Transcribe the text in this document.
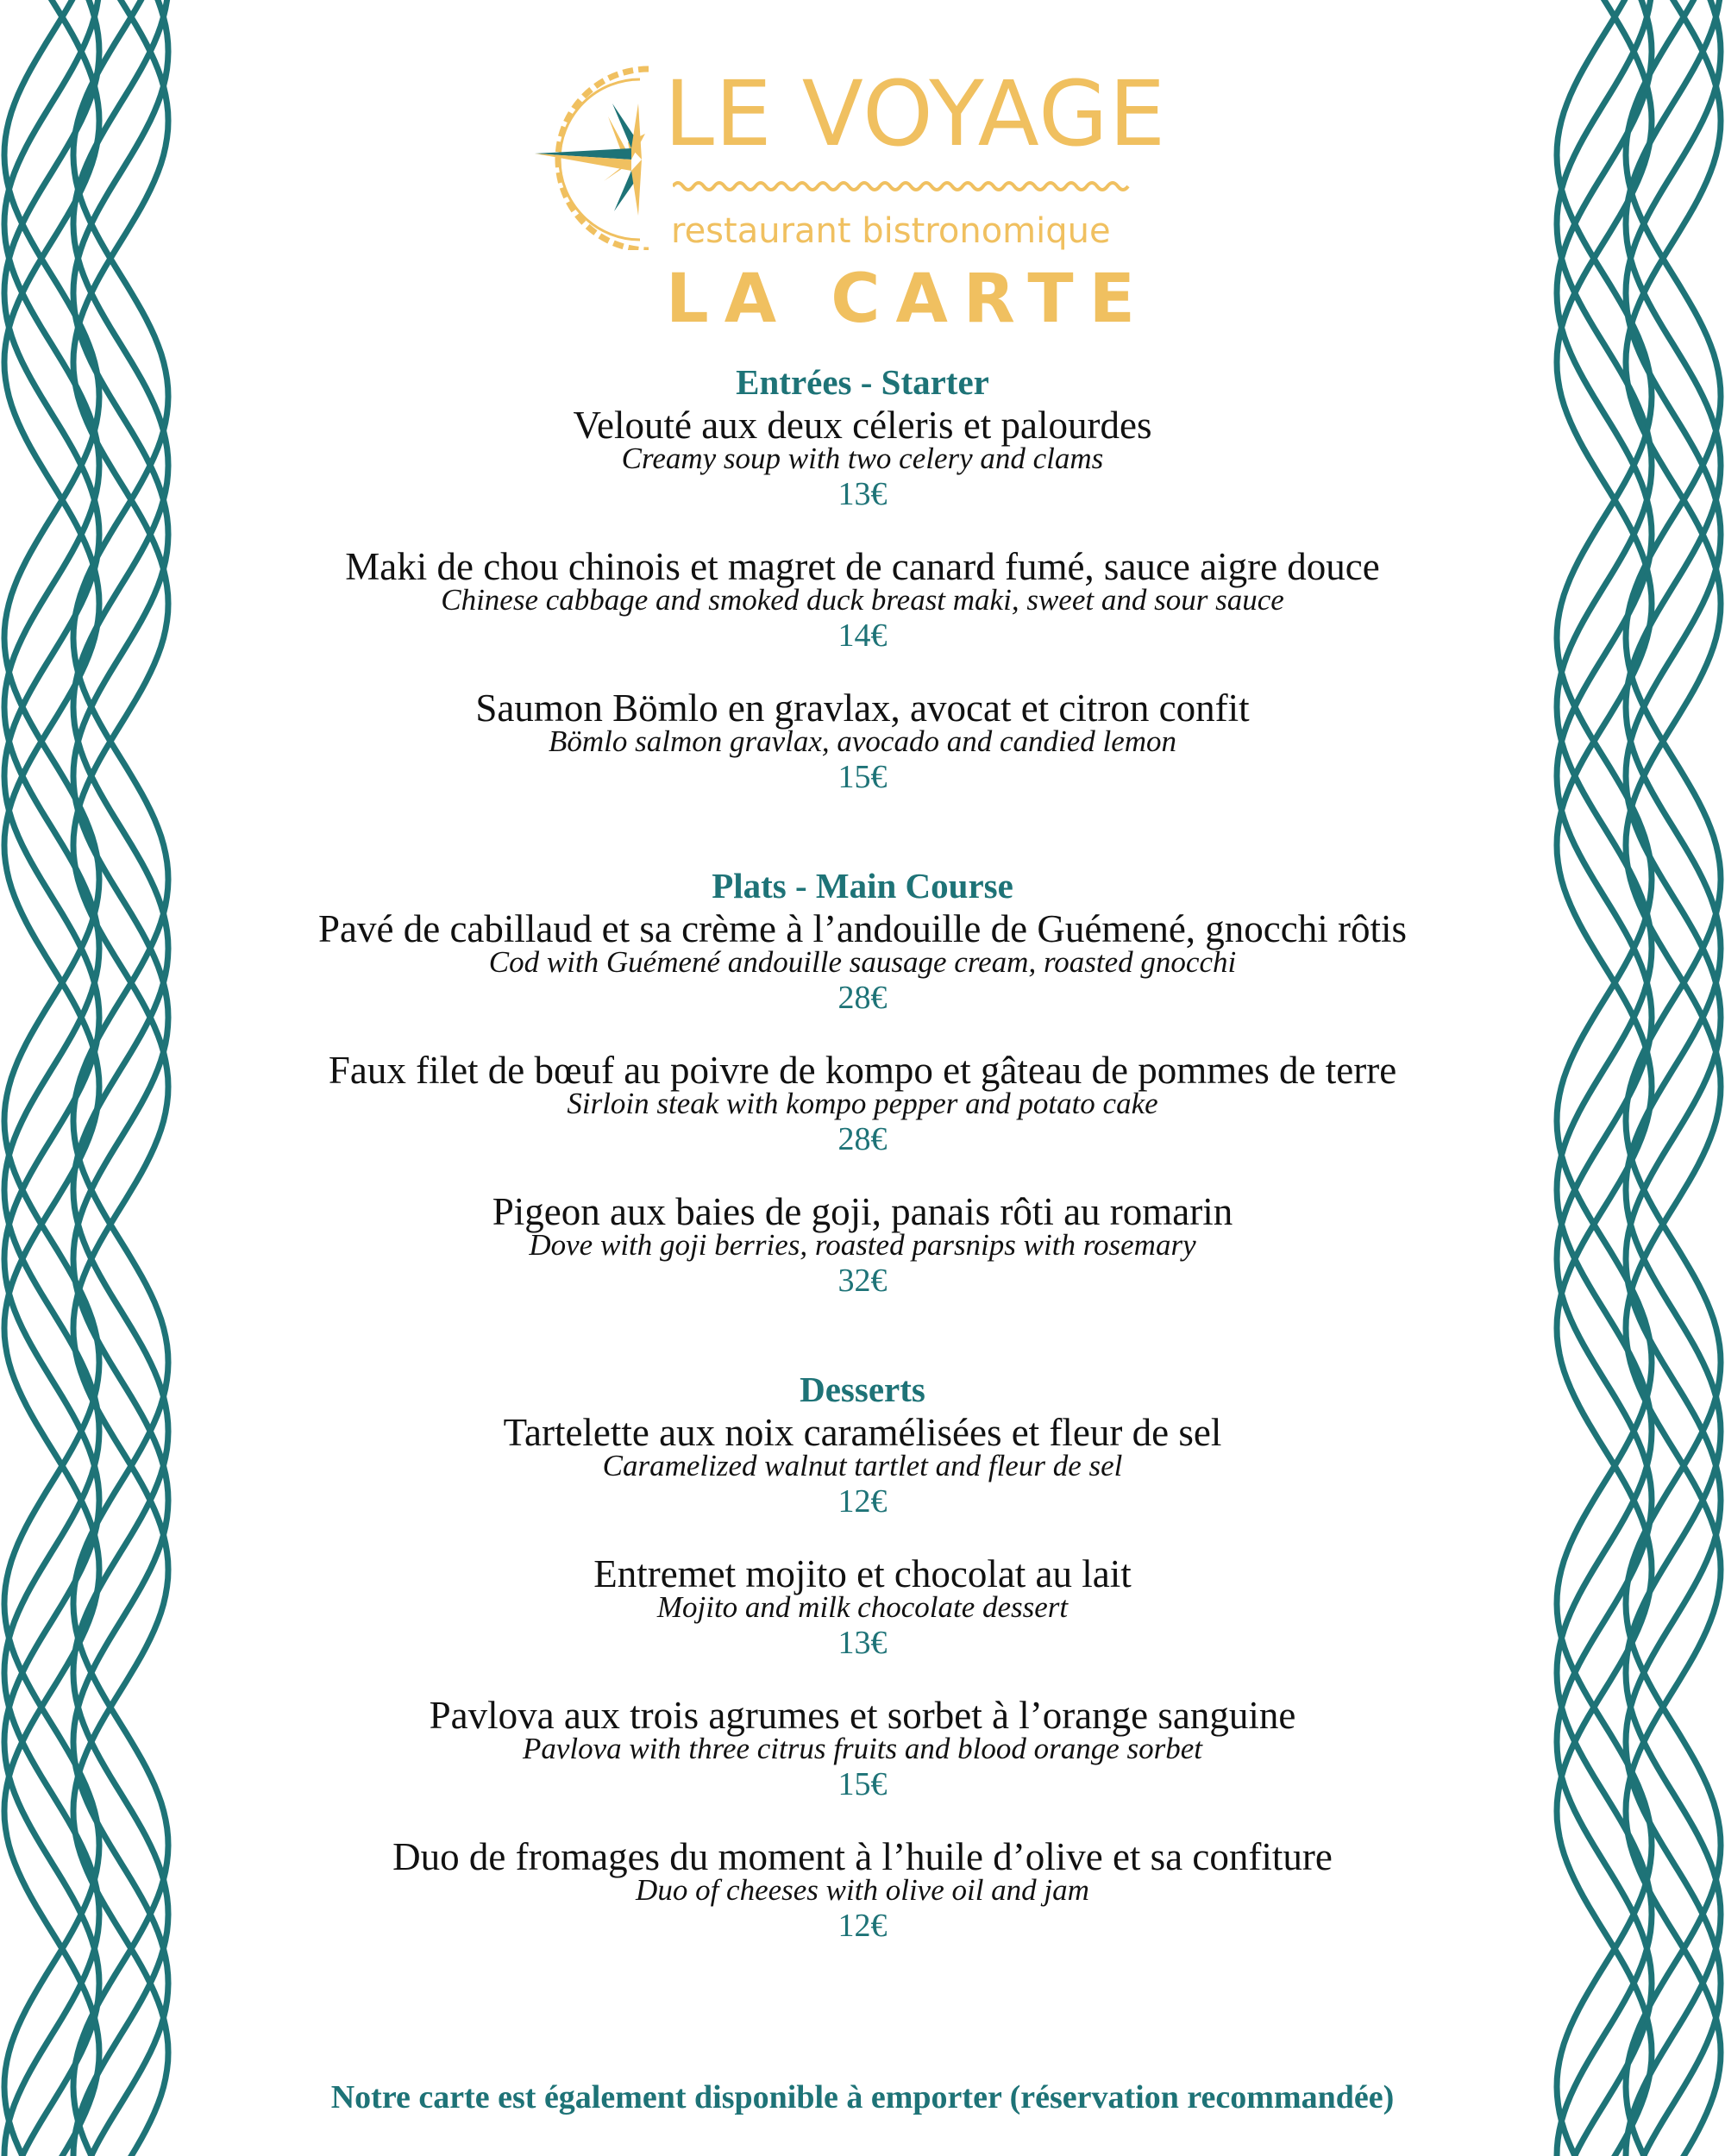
LE VOYAGE
restaurant bistronomique
LA CARTE
Entrées - Starter
Velouté aux deux céleris et palourdes
Creamy soup with two celery and clams
13€
Maki de chou chinois et magret de canard fumé, sauce aigre douce
Chinese cabbage and smoked duck breast maki, sweet and sour sauce
14€
Saumon Bömlo en gravlax, avocat et citron confit
Bömlo salmon gravlax, avocado and candied lemon
15€
Plats - Main Course
Pavé de cabillaud et sa crème à l’andouille de Guémené, gnocchi rôtis
Cod with Guémené andouille sausage cream, roasted gnocchi
28€
Faux filet de bœuf au poivre de kompo et gâteau de pommes de terre
Sirloin steak with kompo pepper and potato cake
28€
Pigeon aux baies de goji, panais rôti au romarin
Dove with goji berries, roasted parsnips with rosemary
32€
Desserts
Tartelette aux noix caramélisées et fleur de sel
Caramelized walnut tartlet and fleur de sel
12€
Entremet mojito et chocolat au lait
Mojito and milk chocolate dessert
13€
Pavlova aux trois agrumes et sorbet à l’orange sanguine
Pavlova with three citrus fruits and blood orange sorbet
15€
Duo de fromages du moment à l’huile d’olive et sa confiture
Duo of cheeses with olive oil and jam
12€
Notre carte est également disponible à emporter (réservation recommandée)
